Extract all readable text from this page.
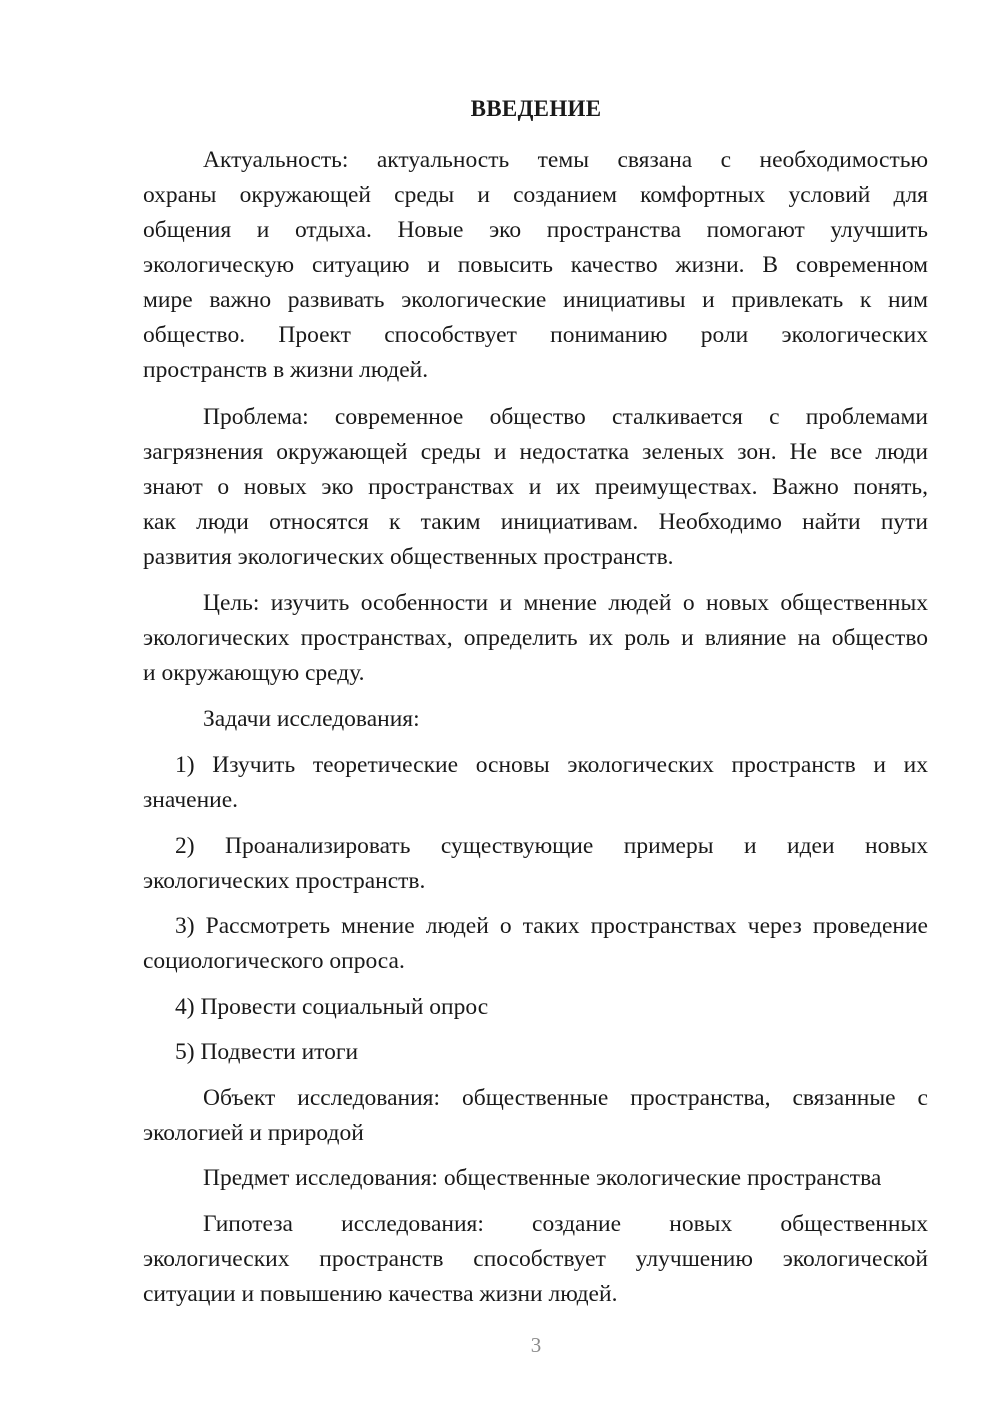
ВВЕДЕНИЕ
Актуальность: актуальность темы связана с необходимостью
охраны окружающей среды и созданием комфортных условий для
общения и отдыха. Новые эко пространства помогают улучшить
экологическую ситуацию и повысить качество жизни. В современном
мире важно развивать экологические инициативы и привлекать к ним
общество. Проект способствует пониманию роли экологических
пространств в жизни людей.
Проблема: современное общество сталкивается с проблемами
загрязнения окружающей среды и недостатка зеленых зон. Не все люди
знают о новых эко пространствах и их преимуществах. Важно понять,
как люди относятся к таким инициативам. Необходимо найти пути
развития экологических общественных пространств.
Цель: изучить особенности и мнение людей о новых общественных
экологических пространствах, определить их роль и влияние на общество
и окружающую среду.
Задачи исследования:
1) Изучить теоретические основы экологических пространств и их
значение.
2) Проанализировать существующие примеры и идеи новых
экологических пространств.
3) Рассмотреть мнение людей о таких пространствах через проведение
социологического опроса.
4) Провести социальный опрос
5) Подвести итоги
Объект исследования: общественные пространства, связанные с
экологией и природой
Предмет исследования: общественные экологические пространства
Гипотеза исследования: создание новых общественных
экологических пространств способствует улучшению экологической
ситуации и повышению качества жизни людей.
3
